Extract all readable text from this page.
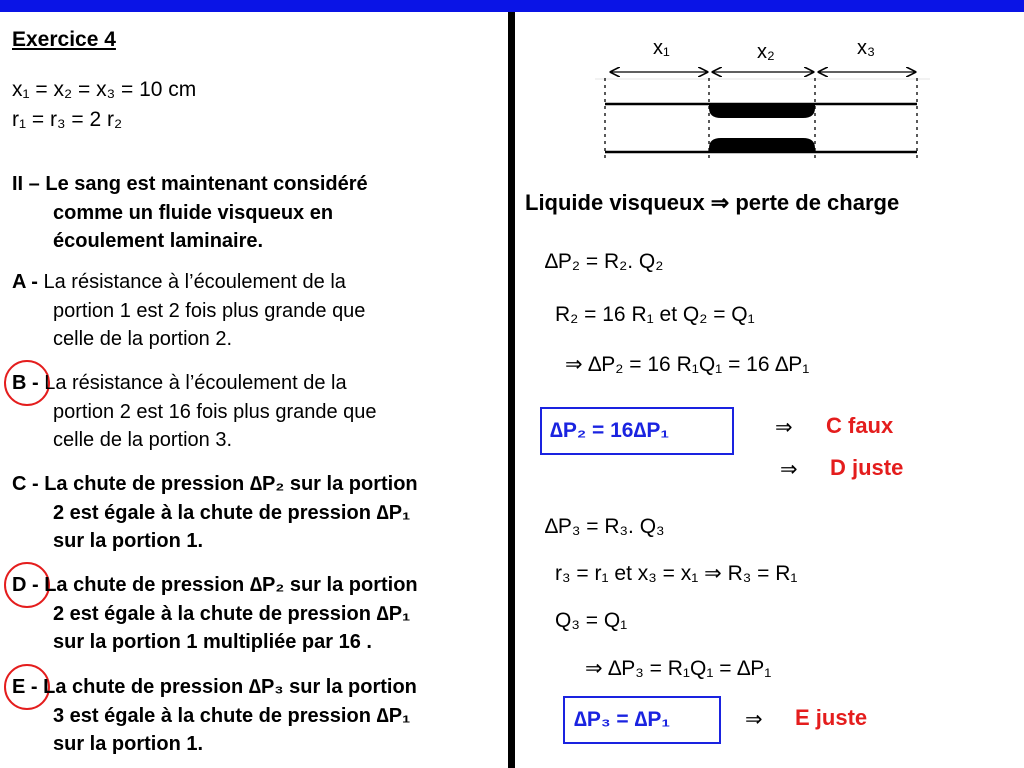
Exercice 4
x₁ = x₂ = x₃ = 10 cm
r₁ = r₃ = 2 r₂
II – Le sang est maintenant considéré
comme un fluide visqueux en
écoulement laminaire.
A - La résistance à l’écoulement de la
portion 1 est 2 fois plus grande que
celle de la portion 2.
B - La résistance à l’écoulement de la
portion 2 est 16 fois plus grande que
celle de la portion 3.
C - La chute de pression ∆P₂ sur la portion
2 est égale à la chute de pression ∆P₁
sur la portion 1.
D - La chute de pression ∆P₂ sur la portion
2 est égale à la chute de pression ∆P₁
sur la portion 1 multipliée par 16 .
E - La chute de pression ∆P₃ sur la portion
3 est égale à la chute de pression ∆P₁
sur la portion 1.
x₁	x₂	x₃
Liquide visqueux ⇒ perte de charge
∆P₂ = R₂. Q₂
R₂ = 16 R₁ et Q₂ = Q₁
⇒ ∆P₂ = 16 R₁Q₁ = 16 ∆P₁
∆P₂ = 16∆P₁	⇒ C faux
⇒ D juste
∆P₃ = R₃. Q₃
r₃ = r₁ et x₃ = x₁ ⇒ R₃ = R₁
Q₃ = Q₁
⇒ ∆P₃ = R₁Q₁ = ∆P₁
∆P₃ = ∆P₁	⇒ E juste
